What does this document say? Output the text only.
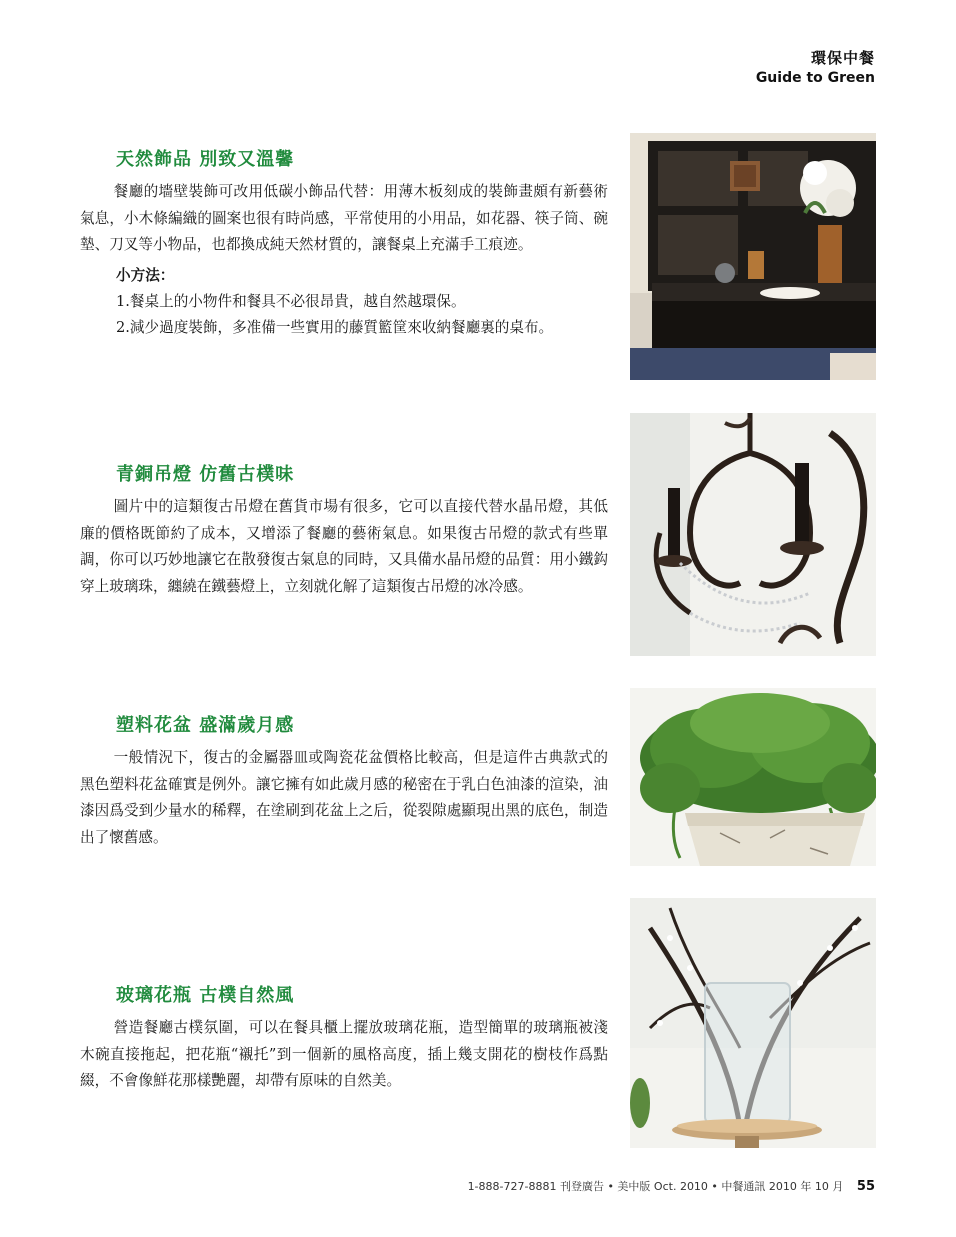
環保中餐
Guide to Green
天然飾品 別致又溫馨

餐廳的墻壁裝飾可改用低碳小飾品代替：用薄木板刻成的裝飾畫頗有新藝術氣息，小木條編織的圖案也很有時尚感，平常使用的小用品，如花器、筷子筒、碗墊、刀叉等小物品，也都換成純天然材質的，讓餐桌上充滿手工痕迹。

小方法：
1.餐桌上的小物件和餐具不必很昂貴，越自然越環保。
2.減少過度裝飾，多准備一些實用的藤質籃筐來收納餐廳裏的桌布。
青銅吊燈 仿舊古樸味

圖片中的這類復古吊燈在舊貨市場有很多，它可以直接代替水晶吊燈，其低廉的價格既節約了成本，又增添了餐廳的藝術氣息。如果復古吊燈的款式有些單調，你可以巧妙地讓它在散發復古氣息的同時，又具備水晶吊燈的品質：用小鐵鈎穿上玻璃珠，纏繞在鐵藝燈上，立刻就化解了這類復古吊燈的冰冷感。

塑料花盆 盛滿歲月感

一般情況下，復古的金屬器皿或陶瓷花盆價格比較高，但是這件古典款式的黑色塑料花盆確實是例外。讓它擁有如此歲月感的秘密在于乳白色油漆的渲染，油漆因爲受到少量水的稀釋，在塗刷到花盆上之后，從裂隙處顯現出黑的底色，制造出了懷舊感。

玻璃花瓶 古樸自然風

營造餐廳古樸氛圍，可以在餐具櫃上擺放玻璃花瓶，造型簡單的玻璃瓶被淺木碗直接拖起，把花瓶“襯托”到一個新的風格高度，插上幾支開花的樹枝作爲點綴，不會像鮮花那樣艷麗，却帶有原味的自然美。

1-888-727-8881 刊登廣告 • 美中版 Oct. 2010 • 中餐通訊 2010 年 10 月 55
